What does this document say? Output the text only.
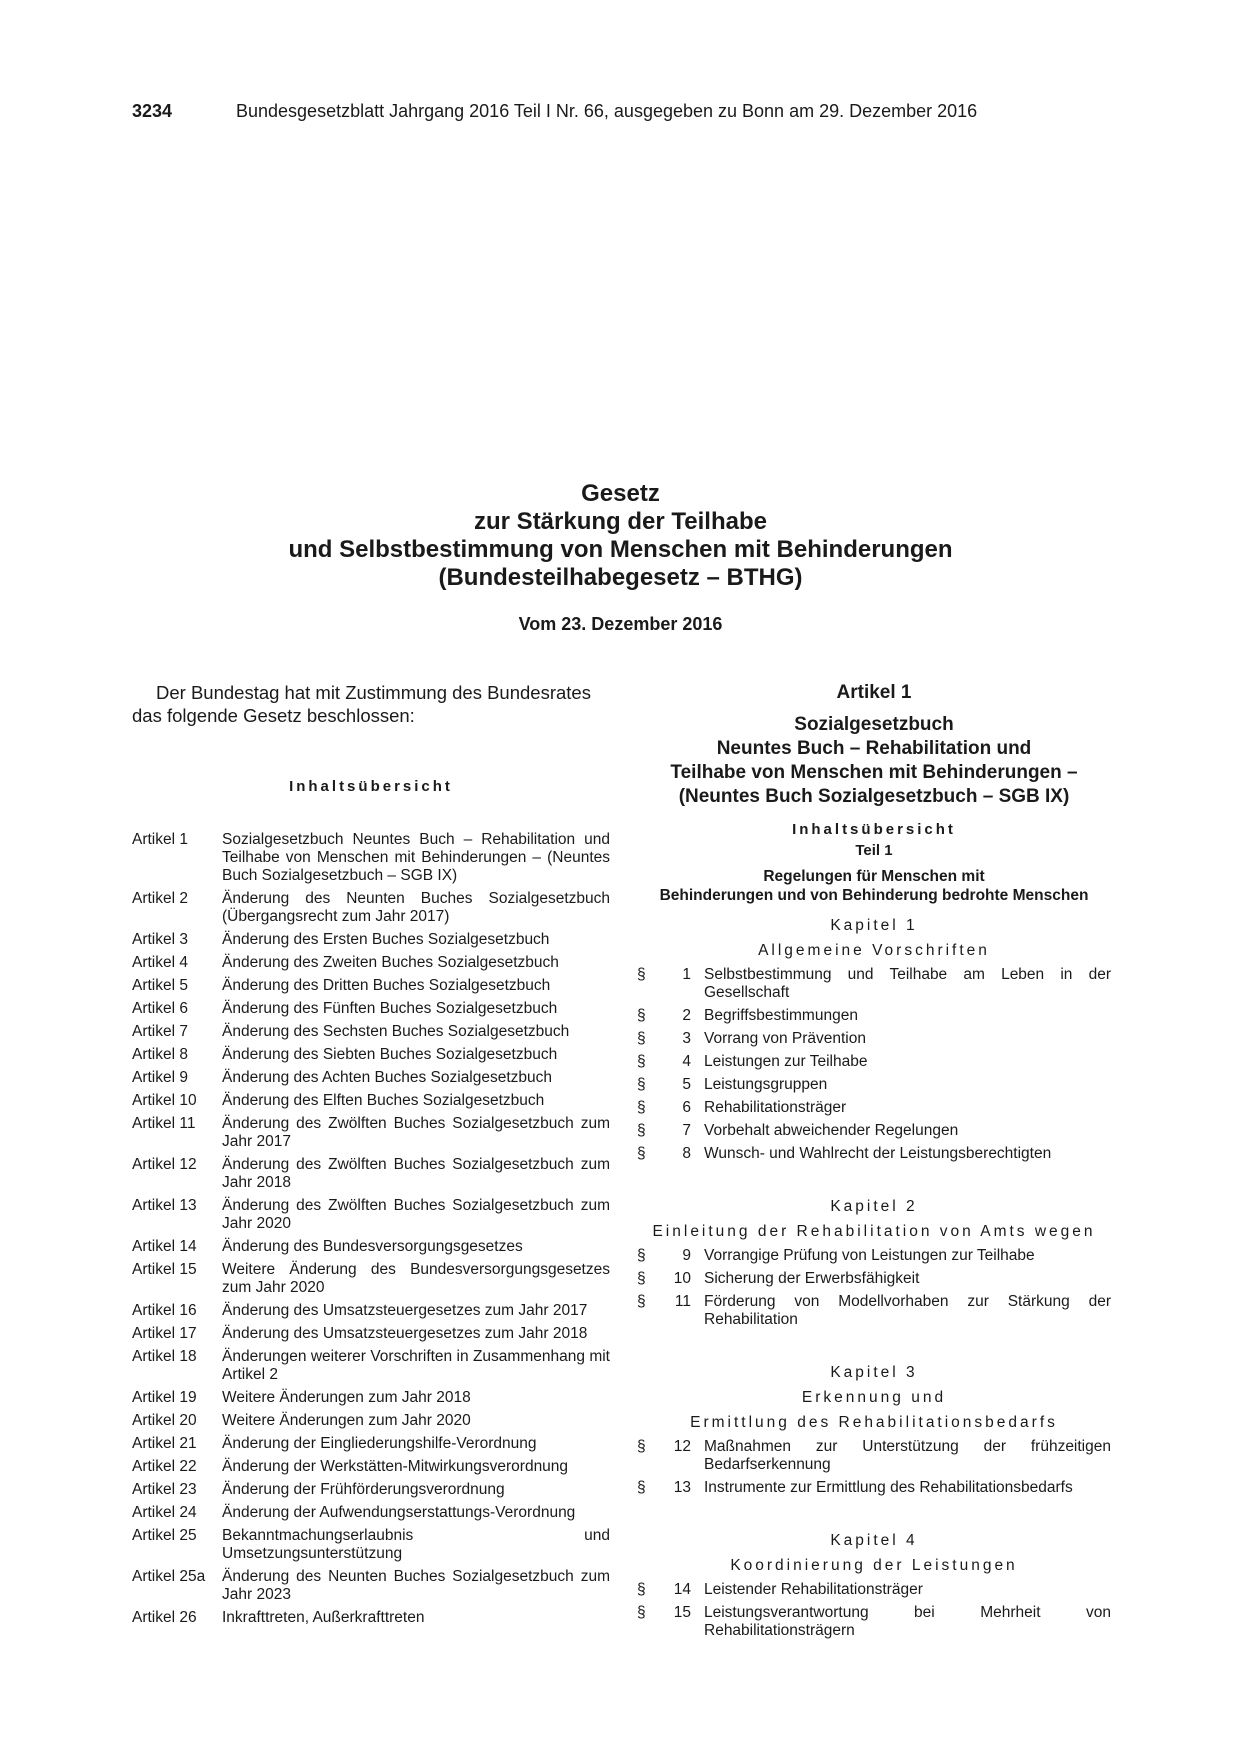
3234	Bundesgesetzblatt Jahrgang 2016 Teil I Nr. 66, ausgegeben zu Bonn am 29. Dezember 2016
Gesetz
zur Stärkung der Teilhabe
und Selbstbestimmung von Menschen mit Behinderungen
(Bundesteilhabegesetz – BTHG)
Vom 23. Dezember 2016
Der Bundestag hat mit Zustimmung des Bundesrates
das folgende Gesetz beschlossen:
Inhaltsübersicht
Artikel 1	Sozialgesetzbuch Neuntes Buch – Rehabilitation und Teilhabe von Menschen mit Behinderungen – (Neuntes Buch Sozialgesetzbuch – SGB IX)
Artikel 2	Änderung des Neunten Buches Sozialgesetzbuch (Übergangsrecht zum Jahr 2017)
Artikel 3	Änderung des Ersten Buches Sozialgesetzbuch
Artikel 4	Änderung des Zweiten Buches Sozialgesetzbuch
Artikel 5	Änderung des Dritten Buches Sozialgesetzbuch
Artikel 6	Änderung des Fünften Buches Sozialgesetzbuch
Artikel 7	Änderung des Sechsten Buches Sozialgesetzbuch
Artikel 8	Änderung des Siebten Buches Sozialgesetzbuch
Artikel 9	Änderung des Achten Buches Sozialgesetzbuch
Artikel 10	Änderung des Elften Buches Sozialgesetzbuch
Artikel 11	Änderung des Zwölften Buches Sozialgesetzbuch zum Jahr 2017
Artikel 12	Änderung des Zwölften Buches Sozialgesetzbuch zum Jahr 2018
Artikel 13	Änderung des Zwölften Buches Sozialgesetzbuch zum Jahr 2020
Artikel 14	Änderung des Bundesversorgungsgesetzes
Artikel 15	Weitere Änderung des Bundesversorgungsgesetzes zum Jahr 2020
Artikel 16	Änderung des Umsatzsteuergesetzes zum Jahr 2017
Artikel 17	Änderung des Umsatzsteuergesetzes zum Jahr 2018
Artikel 18	Änderungen weiterer Vorschriften in Zusammenhang mit Artikel 2
Artikel 19	Weitere Änderungen zum Jahr 2018
Artikel 20	Weitere Änderungen zum Jahr 2020
Artikel 21	Änderung der Eingliederungshilfe-Verordnung
Artikel 22	Änderung der Werkstätten-Mitwirkungsverordnung
Artikel 23	Änderung der Frühförderungsverordnung
Artikel 24	Änderung der Aufwendungserstattungs-Verordnung
Artikel 25	Bekanntmachungserlaubnis und Umsetzungsunterstützung
Artikel 25a	Änderung des Neunten Buches Sozialgesetzbuch zum Jahr 2023
Artikel 26	Inkrafttreten, Außerkrafttreten
Artikel 1
Sozialgesetzbuch
Neuntes Buch – Rehabilitation und
Teilhabe von Menschen mit Behinderungen –
(Neuntes Buch Sozialgesetzbuch – SGB IX)
Inhaltsübersicht
Teil 1
Regelungen für Menschen mit
Behinderungen und von Behinderung bedrohte Menschen
Kapitel 1
Allgemeine Vorschriften
§	1 Selbstbestimmung und Teilhabe am Leben in der Gesellschaft
§	2 Begriffsbestimmungen
§	3 Vorrang von Prävention
§	4 Leistungen zur Teilhabe
§	5 Leistungsgruppen
§	6 Rehabilitationsträger
§	7 Vorbehalt abweichender Regelungen
§	8 Wunsch- und Wahlrecht der Leistungsberechtigten
Kapitel 2
Einleitung der Rehabilitation von Amts wegen
§	9 Vorrangige Prüfung von Leistungen zur Teilhabe
§	10 Sicherung der Erwerbsfähigkeit
§	11 Förderung von Modellvorhaben zur Stärkung der Rehabilitation
Kapitel 3
Erkennung und
Ermittlung des Rehabilitationsbedarfs
§	12 Maßnahmen zur Unterstützung der frühzeitigen Bedarfserkennung
§	13 Instrumente zur Ermittlung des Rehabilitationsbedarfs
Kapitel 4
Koordinierung der Leistungen
§	14 Leistender Rehabilitationsträger
§	15 Leistungsverantwortung bei Mehrheit von Rehabilitationsträgern
